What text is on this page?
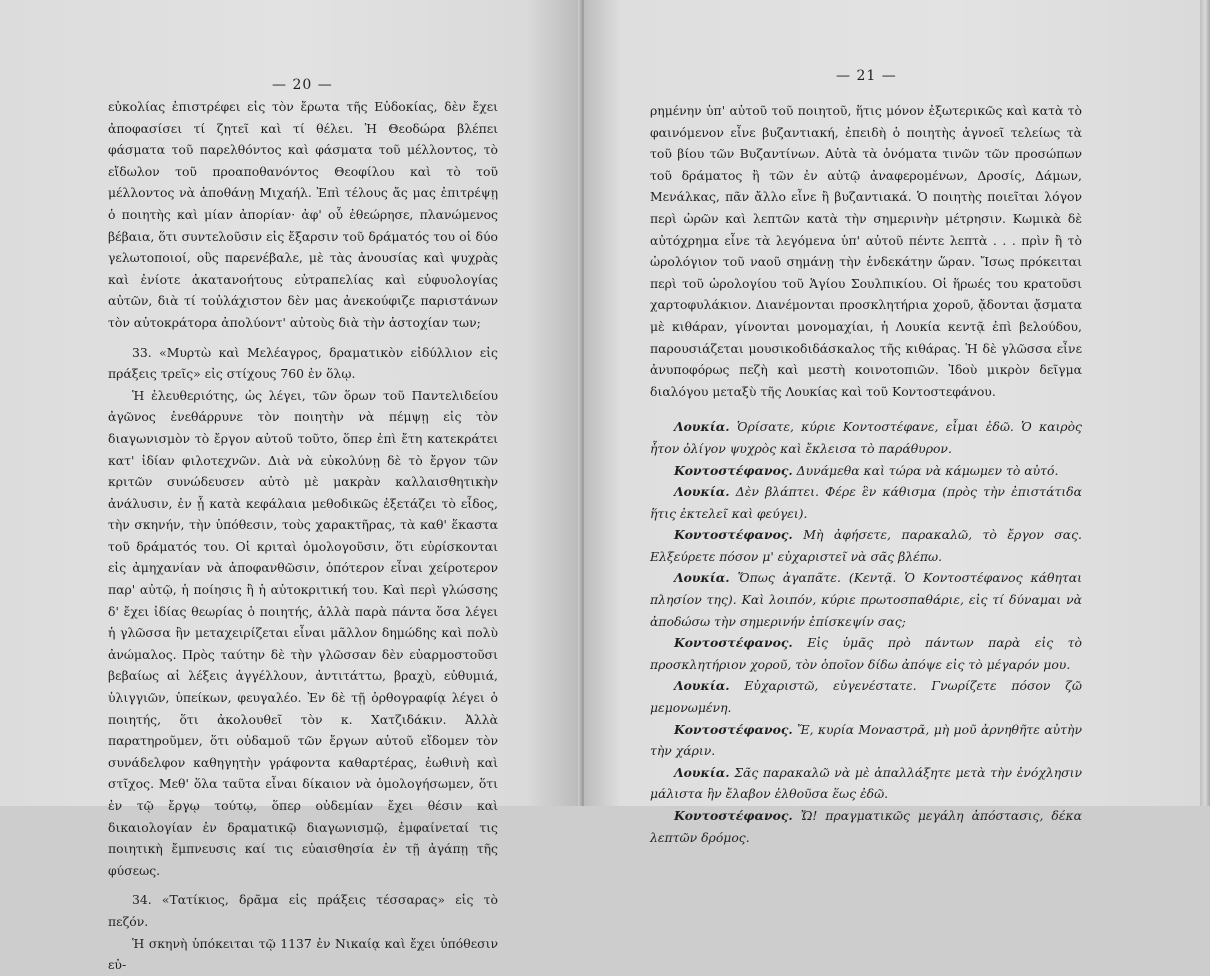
— 20 —

εὐκολίας ἐπιστρέφει εἰς τὸν ἔρωτα τῆς Εὐδοκίας, δὲν ἔχει ἀποφασίσει τί ζητεῖ καὶ τί θέλει. Ἡ Θεοδώρα βλέπει φάσματα τοῦ παρελθόντος καὶ φάσματα τοῦ μέλλοντος, τὸ εἴδωλον τοῦ προαποθανόντος Θεοφίλου καὶ τὸ τοῦ μέλλοντος νὰ ἀποθάνῃ Μιχαήλ. Ἐπὶ τέλους ἄς μας ἐπιτρέψῃ ὁ ποιητὴς καὶ μίαν ἀπορίαν· ἀφ' οὗ ἐθεώρησε, πλανώμενος βέβαια, ὅτι συντελοῦσιν εἰς ἔξαρσιν τοῦ δράματός του οἱ δύο γελωτοποιοί, οὓς παρενέβαλε, μὲ τὰς ἀνουσίας καὶ ψυχρὰς καὶ ἐνίοτε ἀκατανοήτους εὐτραπελίας καὶ εὐφυολογίας αὐτῶν, διὰ τί τοὐλάχιστον δὲν μας ἀνεκούφιζε παριστάνων τὸν αὐτοκράτορα ἀπολύοντ' αὐτοὺς διὰ τὴν ἀστοχίαν των;

33. «Μυρτὼ καὶ Μελέαγρος, δραματικὸν εἰδύλλιον εἰς πράξεις τρεῖς» εἰς στίχους 760 ἐν ὅλῳ.

Ἡ ἐλευθεριότης, ὡς λέγει, τῶν ὅρων τοῦ Παντελιδείου ἀγῶνος ἐνεθάρρυνε τὸν ποιητὴν νὰ πέμψῃ εἰς τὸν διαγωνισμὸν τὸ ἔργον αὐτοῦ τοῦτο, ὅπερ ἐπὶ ἔτη κατεκράτει κατ' ἰδίαν φιλοτεχνῶν. Διὰ νὰ εὐκολύνῃ δὲ τὸ ἔργον τῶν κριτῶν συνώδευσεν αὐτὸ μὲ μακρὰν καλλαισθητικὴν ἀνάλυσιν, ἐν ᾗ κατὰ κεφάλαια μεθοδικῶς ἐξετάζει τὸ εἶδος, τὴν σκηνήν, τὴν ὑπόθεσιν, τοὺς χαρακτῆρας, τὰ καθ' ἕκαστα τοῦ δράματός του. Οἱ κριταὶ ὁμολογοῦσιν, ὅτι εὑρίσκονται εἰς ἀμηχανίαν νὰ ἀποφανθῶσιν, ὁπότερον εἶναι χείροτερον παρ' αὐτῷ, ἡ ποίησις ἢ ἡ αὐτοκριτική του. Καὶ περὶ γλώσσης δ' ἔχει ἰδίας θεωρίας ὁ ποιητής, ἀλλὰ παρὰ πάντα ὅσα λέγει ἡ γλῶσσα ἣν μεταχειρίζεται εἶναι μᾶλλον δημώδης καὶ πολὺ ἀνώμαλος. Πρὸς ταύτην δὲ τὴν γλῶσσαν δὲν εὐαρμοστοῦσι βεβαίως αἱ λέξεις ἀγγέλλουν, ἀντιτάττω, βραχὺ, εὐθυμιά, ὑλιγγιῶν, ὑπείκων, φευγαλέο. Ἐν δὲ τῇ ὀρθογραφίᾳ λέγει ὁ ποιητής, ὅτι ἀκολουθεῖ τὸν κ. Χατζιδάκιν. Ἀλλὰ παρατηροῦμεν, ὅτι οὐδαμοῦ τῶν ἔργων αὐτοῦ εἴδομεν τὸν συνάδελφον καθηγητὴν γράφοντα καθαρτέρας, ἐωθινὴ καὶ στῖχος. Μεθ' ὅλα ταῦτα εἶναι δίκαιον νὰ ὁμολογήσωμεν, ὅτι ἐν τῷ ἔργῳ τούτῳ, ὅπερ οὐδεμίαν ἔχει θέσιν καὶ δικαιολογίαν ἐν δραματικῷ διαγωνισμῷ, ἐμφαίνεταί τις ποιητικὴ ἔμπνευσις καί τις εὐαισθησία ἐν τῇ ἀγάπῃ τῆς φύσεως.

34. «Τατίκιος, δρᾶμα εἰς πράξεις τέσσαρας» εἰς τὸ πεζόν.

Ἡ σκηνὴ ὑπόκειται τῷ 1137 ἐν Νικαίᾳ καὶ ἔχει ὑπόθεσιν εὐ-

— 21 —

ρημένην ὑπ' αὐτοῦ τοῦ ποιητοῦ, ἥτις μόνον ἐξωτερικῶς καὶ κατὰ τὸ φαινόμενον εἶνε βυζαντιακή, ἐπειδὴ ὁ ποιητὴς ἀγνοεῖ τελείως τὰ τοῦ βίου τῶν Βυζαντίνων. Αὐτὰ τὰ ὀνόματα τινῶν τῶν προσώπων τοῦ δράματος ἢ τῶν ἐν αὐτῷ ἀναφερομένων, Δροσίς, Δάμων, Μενάλκας, πᾶν ἄλλο εἶνε ἢ βυζαντιακά. Ὁ ποιητὴς ποιεῖται λόγον περὶ ὡρῶν καὶ λεπτῶν κατὰ τὴν σημερινὴν μέτρησιν. Κωμικὰ δὲ αὐτόχρημα εἶνε τὰ λεγόμενα ὑπ' αὐτοῦ πέντε λεπτὰ . . . πρὶν ἢ τὸ ὡρολόγιον τοῦ ναοῦ σημάνῃ τὴν ἑνδεκάτην ὥραν. Ἴσως πρόκειται περὶ τοῦ ὡρολογίου τοῦ Ἁγίου Σουλπικίου. Οἱ ἥρωές του κρατοῦσι χαρτοφυλάκιον. Διανέμονται προσκλητήρια χοροῦ, ᾄδονται ᾄσματα μὲ κιθάραν, γίνονται μονομαχίαι, ἡ Λουκία κεντᾷ ἐπὶ βελούδου, παρουσιάζεται μουσικοδιδάσκαλος τῆς κιθάρας. Ἡ δὲ γλῶσσα εἶνε ἀνυποφόρως πεζὴ καὶ μεστὴ κοινοτοπιῶν. Ἰδοὺ μικρὸν δεῖγμα διαλόγου μεταξὺ τῆς Λουκίας καὶ τοῦ Κοντοστεφάνου.

Λουκία. Ὁρίσατε, κύριε Κοντοστέφανε, εἶμαι ἐδῶ. Ὁ καιρὸς ἦτον ὀλίγον ψυχρὸς καὶ ἔκλεισα τὸ παράθυρον.

Κοντοστέφανος. Δυνάμεθα καὶ τώρα νὰ κάμωμεν τὸ αὐτό.

Λουκία. Δὲν βλάπτει. Φέρε ἓν κάθισμα (πρὸς τὴν ἐπιστάτιδα ἥτις ἐκτελεῖ καὶ φεύγει).

Κοντοστέφανος. Μὴ ἀφήσετε, παρακαλῶ, τὸ ἔργον σας. Ελξεύρετε πόσον μ' εὐχαριστεῖ νὰ σᾶς βλέπω.

Λουκία. Ὅπως ἀγαπᾶτε. (Κεντᾷ. Ὁ Κοντοστέφανος κάθηται πλησίον της). Καὶ λοιπόν, κύριε πρωτοσπαθάριε, εἰς τί δύναμαι νὰ ἀποδώσω τὴν σημερινήν ἐπίσκεψίν σας;

Κοντοστέφανος. Εἰς ὑμᾶς πρὸ πάντων παρὰ εἰς τὸ προσκλητήριον χοροῦ, τὸν ὁποῖον δίδω ἀπόψε εἰς τὸ μέγαρόν μου.

Λουκία. Εὐχαριστῶ, εὐγενέστατε. Γνωρίζετε πόσον ζῶ μεμονωμένη.

Κοντοστέφανος. Ἔ, κυρία Μοναστρᾶ, μὴ μοῦ ἀρνηθῆτε αὐτὴν τὴν χάριν.

Λουκία. Σᾶς παρακαλῶ νὰ μὲ ἀπαλλάξητε μετὰ τὴν ἐνόχλησιν μάλιστα ἣν ἔλαβον ἐλθοῦσα ἕως ἐδῶ.

Κοντοστέφανος. Ὤ! πραγματικῶς μεγάλη ἀπόστασις, δέκα λεπτῶν δρόμος.
